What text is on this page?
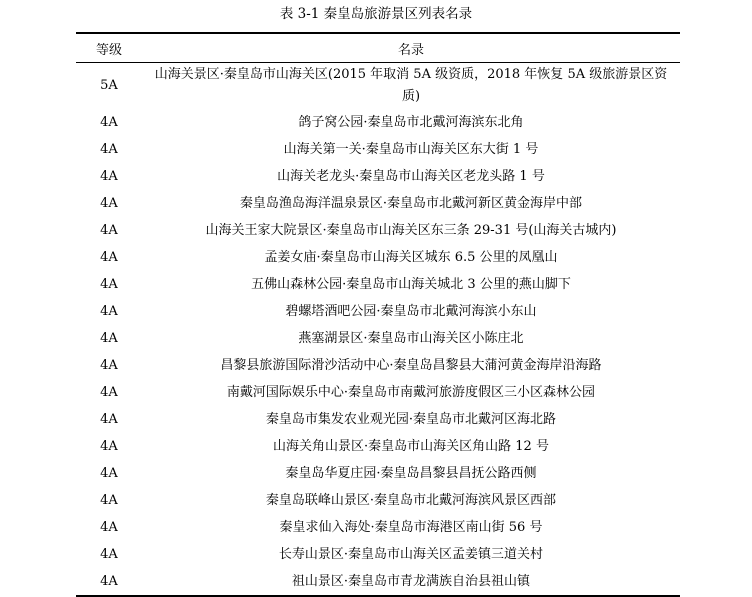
表 3-1 秦皇岛旅游景区列表名录
等级	名录
5A	山海关景区·秦皇岛市山海关区(2015 年取消 5A 级资质，2018 年恢复 5A 级旅游景区资质)
4A	鸽子窝公园·秦皇岛市北戴河海滨东北角
4A	山海关第一关·秦皇岛市山海关区东大街 1 号
4A	山海关老龙头·秦皇岛市山海关区老龙头路 1 号
4A	秦皇岛渔岛海洋温泉景区·秦皇岛市北戴河新区黄金海岸中部
4A	山海关王家大院景区·秦皇岛市山海关区东三条 29-31 号(山海关古城内)
4A	孟姜女庙·秦皇岛市山海关区城东 6.5 公里的凤凰山
4A	五佛山森林公园·秦皇岛市山海关城北 3 公里的燕山脚下
4A	碧螺塔酒吧公园·秦皇岛市北戴河海滨小东山
4A	燕塞湖景区·秦皇岛市山海关区小陈庄北
4A	昌黎县旅游国际滑沙活动中心·秦皇岛昌黎县大蒲河黄金海岸沿海路
4A	南戴河国际娱乐中心·秦皇岛市南戴河旅游度假区三小区森林公园
4A	秦皇岛市集发农业观光园·秦皇岛市北戴河区海北路
4A	山海关角山景区·秦皇岛市山海关区角山路 12 号
4A	秦皇岛华夏庄园·秦皇岛昌黎县昌抚公路西侧
4A	秦皇岛联峰山景区·秦皇岛市北戴河海滨风景区西部
4A	秦皇求仙入海处·秦皇岛市海港区南山街 56 号
4A	长寿山景区·秦皇岛市山海关区孟姜镇三道关村
4A	祖山景区·秦皇岛市青龙满族自治县祖山镇
